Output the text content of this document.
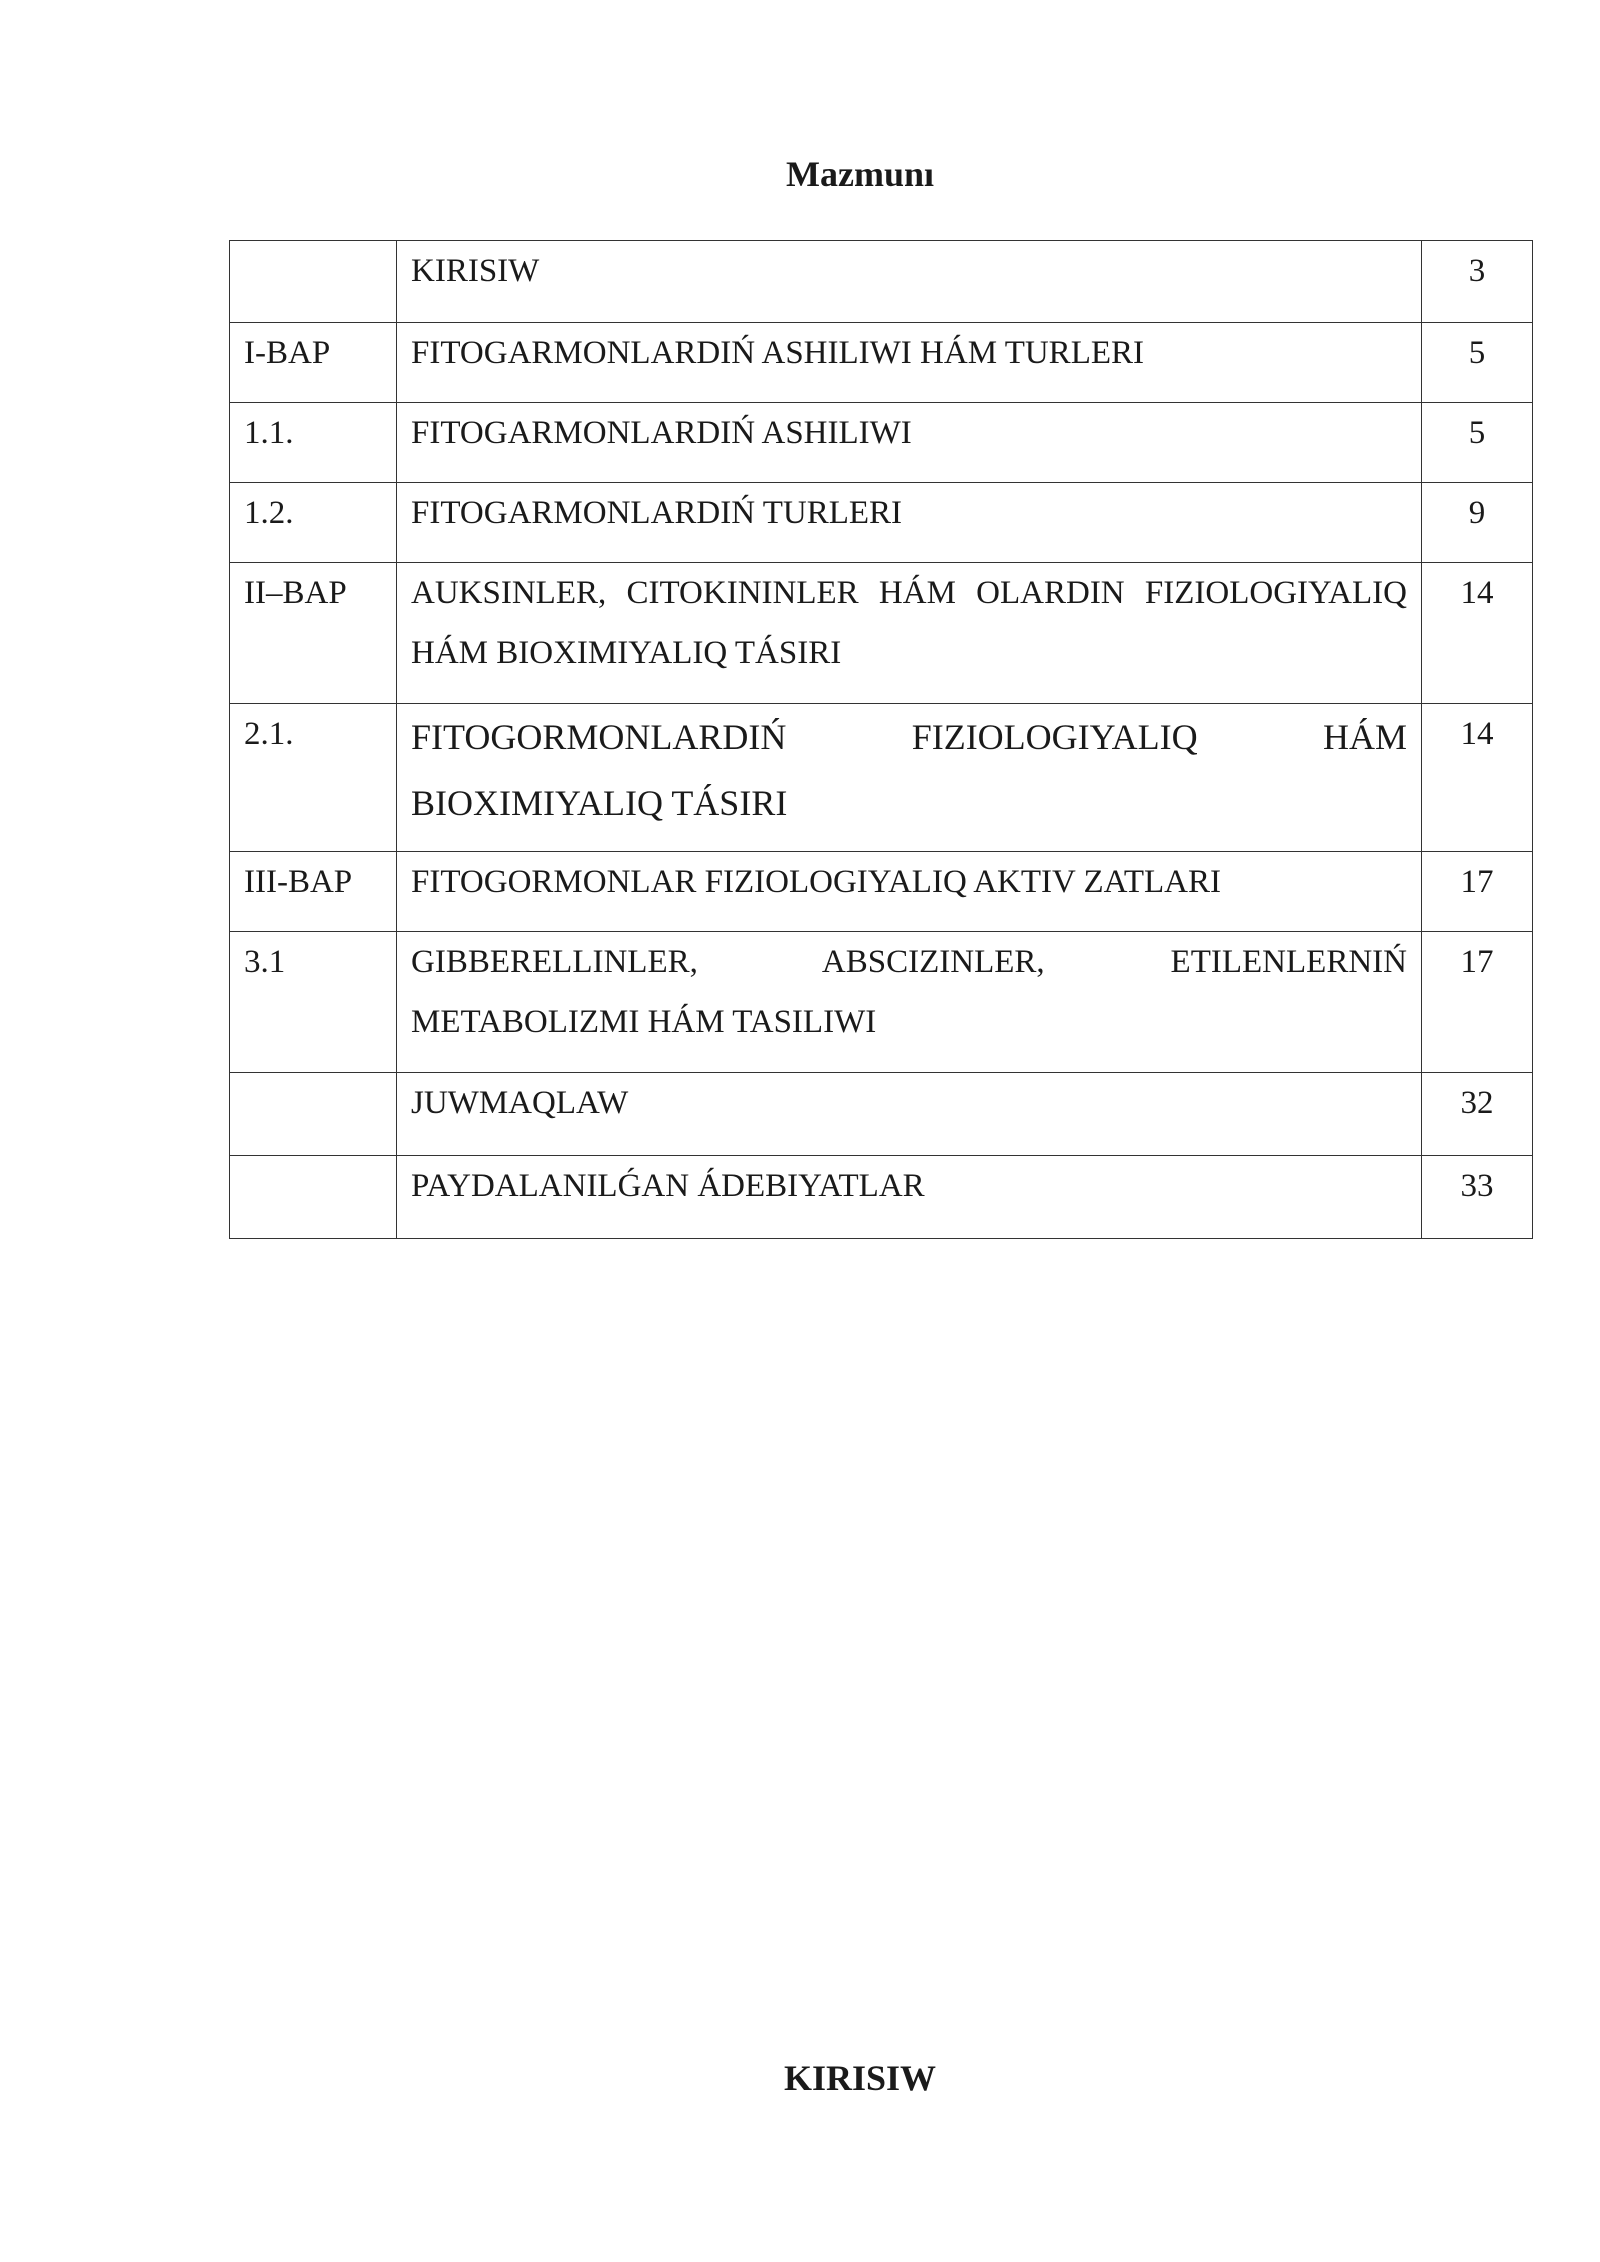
Mazmunı
	KIRISIW	3
I-BAP	FITOGARMONLARDIŃ ASHILIWI HÁM TURLERI	5
1.1.	FITOGARMONLARDIŃ ASHILIWI	5
1.2.	FITOGARMONLARDIŃ TURLERI	9
II–BAP	AUKSINLER, CITOKININLER HÁM OLARDIN FIZIOLOGIYALIQ HÁM BIOXIMIYALIQ TÁSIRI	14
2.1.	FITOGORMONLARDIŃ FIZIOLOGIYALIQ HÁM BIOXIMIYALIQ TÁSIRI	14
III-BAP	FITOGORMONLAR FIZIOLOGIYALIQ AKTIV ZATLARI	17
3.1	GIBBERELLINLER, ABSCIZINLER, ETILENLERNIŃ METABOLIZMI HÁM TASILIWI	17
	JUWMAQLAW	32
	PAYDALANILǴAN ÁDEBIYATLAR	33
KIRISIW
